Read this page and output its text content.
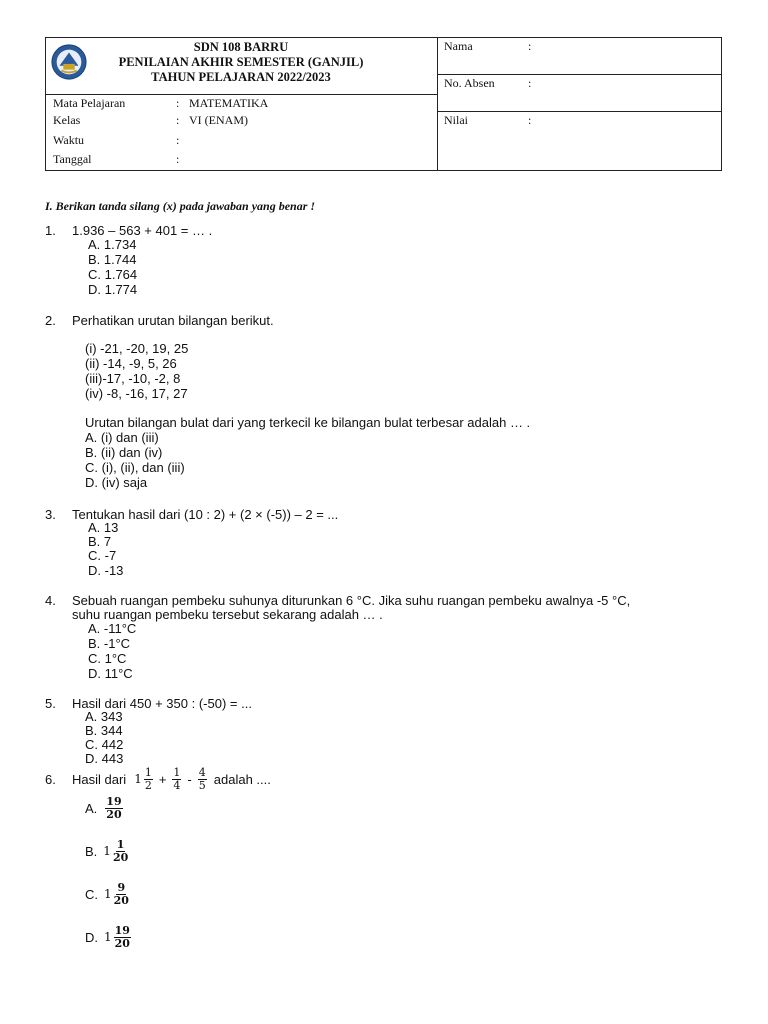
SDN 108 BARRU
PENILAIAN AKHIR SEMESTER (GANJIL)
TAHUN PELAJARAN 2022/2023
Mata Pelajaran	: MATEMATIKA
Kelas	: VI (ENAM)
Waktu	:
Tanggal	:
Nama	:
No. Absen	:
Nilai	:
I. Berikan tanda silang (x) pada jawaban yang benar !
1. 1.936 – 563 + 401 = … .
A. 1.734
B. 1.744
C. 1.764
D. 1.774
2. Perhatikan urutan bilangan berikut.
(i) -21, -20, 19, 25
(ii) -14, -9, 5, 26
(iii)-17, -10, -2, 8
(iv) -8, -16, 17, 27
Urutan bilangan bulat dari yang terkecil ke bilangan bulat terbesar adalah … .
A. (i) dan (iii)
B. (ii) dan (iv)
C. (i), (ii), dan (iii)
D. (iv) saja
3. Tentukan hasil dari (10 : 2) + (2 × (-5)) – 2 = ...
A. 13
B. 7
C. -7
D. -13
4. Sebuah ruangan pembeku suhunya diturunkan 6 °C. Jika suhu ruangan pembeku awalnya -5 °C,
suhu ruangan pembeku tersebut sekarang adalah … .
A. -11°C
B. -1°C
C. 1°C
D. 11°C
5. Hasil dari 450 + 350 : (-50) = ...
A. 343
B. 344
C. 442
D. 443
6. Hasil dari $1 \frac{1}{2} + \frac{1}{4} - \frac{4}{5}$ adalah ....
A. $\frac{19}{20}$
B. $1 \frac{1}{20}$
C. $1 \frac{9}{20}$
D. $1 \frac{19}{20}$
